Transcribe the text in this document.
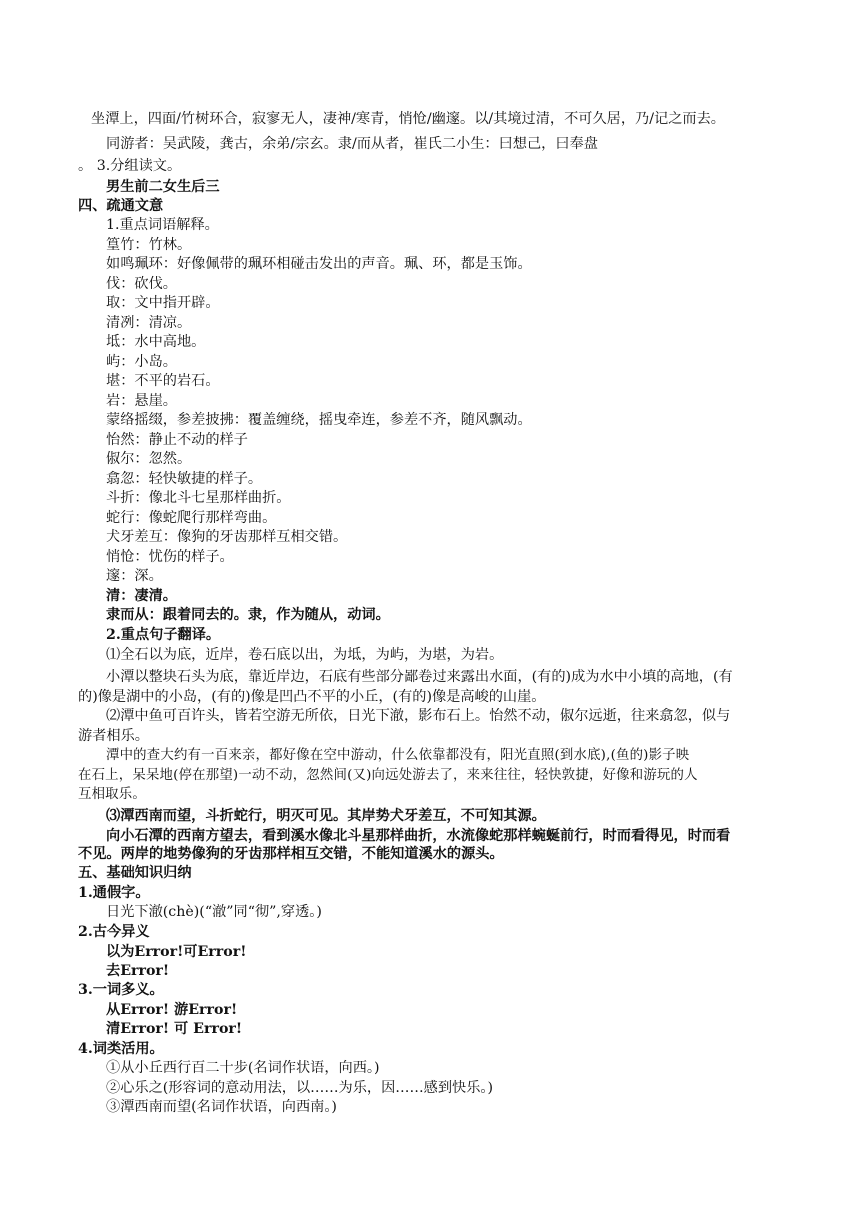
坐潭上，四面/竹树环合，寂寥无人，凄神/寒青，悄怆/幽邃。以/其境过清，不可久居，乃/记之而去。
同游者：吴武陵，龚古，余弟/宗玄。隶/而从者，崔氏二小生：曰想己，曰奉盘
。 3.分组读文。
男生前二女生后三
四、疏通文意
1.重点词语解释。
篁竹：竹林。
如鸣珮环：好像佩带的珮环相碰击发出的声音。珮、环，都是玉饰。
伐：砍伐。
取：文中指开辟。
清冽：清凉。
坻：水中高地。
屿：小岛。
堪：不平的岩石。
岩：悬崖。
蒙络摇缀，参差披拂：覆盖缠绕，摇曳牵连，参差不齐，随风飘动。
怡然：静止不动的样子
俶尔：忽然。
翕忽：轻快敏捷的样子。
斗折：像北斗七星那样曲折。
蛇行：像蛇爬行那样弯曲。
犬牙差互：像狗的牙齿那样互相交错。
悄怆：忧伤的样子。
邃：深。
清：凄清。
隶而从：跟着同去的。隶，作为随从，动词。
2.重点句子翻译。
⑴全石以为底，近岸，卷石底以出，为坻，为屿，为堪，为岩。
小潭以整块石头为底，靠近岸边，石底有些部分鄙卷过来露出水面，(有的)成为水中小填的高地，(有
的)像是湖中的小岛，(有的)像是凹凸不平的小丘，(有的)像是高峻的山崖。
⑵潭中鱼可百许头，皆若空游无所依，日光下澈，影布石上。怡然不动，俶尔远逝，往来翕忽，似与
游者相乐。
潭中的查大约有一百来亲，都好像在空中游动，什么依靠都没有，阳光直照(到水底),(鱼的)影子映
在石上，呆呆地(停在那望)一动不动，忽然间(又)向远处游去了，来来往往，轻快敦捷，好像和游玩的人
互相取乐。
⑶潭西南而望，斗折蛇行，明灭可见。其岸势犬牙差互，不可知其源。
向小石潭的西南方望去，看到溪水像北斗星那样曲折，水流像蛇那样蜿蜒前行，时而看得见，时而看
不见。两岸的地势像狗的牙齿那样相互交错，不能知道溪水的源头。
五、基础知识归纳
1.通假字。
日光下澈(chè)(“澈”同“彻”,穿透。)
2.古今异义
以为Error!可Error!
去Error!
3.一词多义。
从Error! 游Error!
清Error! 可 Error!
4.词类活用。
①从小丘西行百二十步(名词作状语，向西。)
②心乐之(形容词的意动用法，以……为乐，因……感到快乐。)
③潭西南而望(名词作状语，向西南。)
